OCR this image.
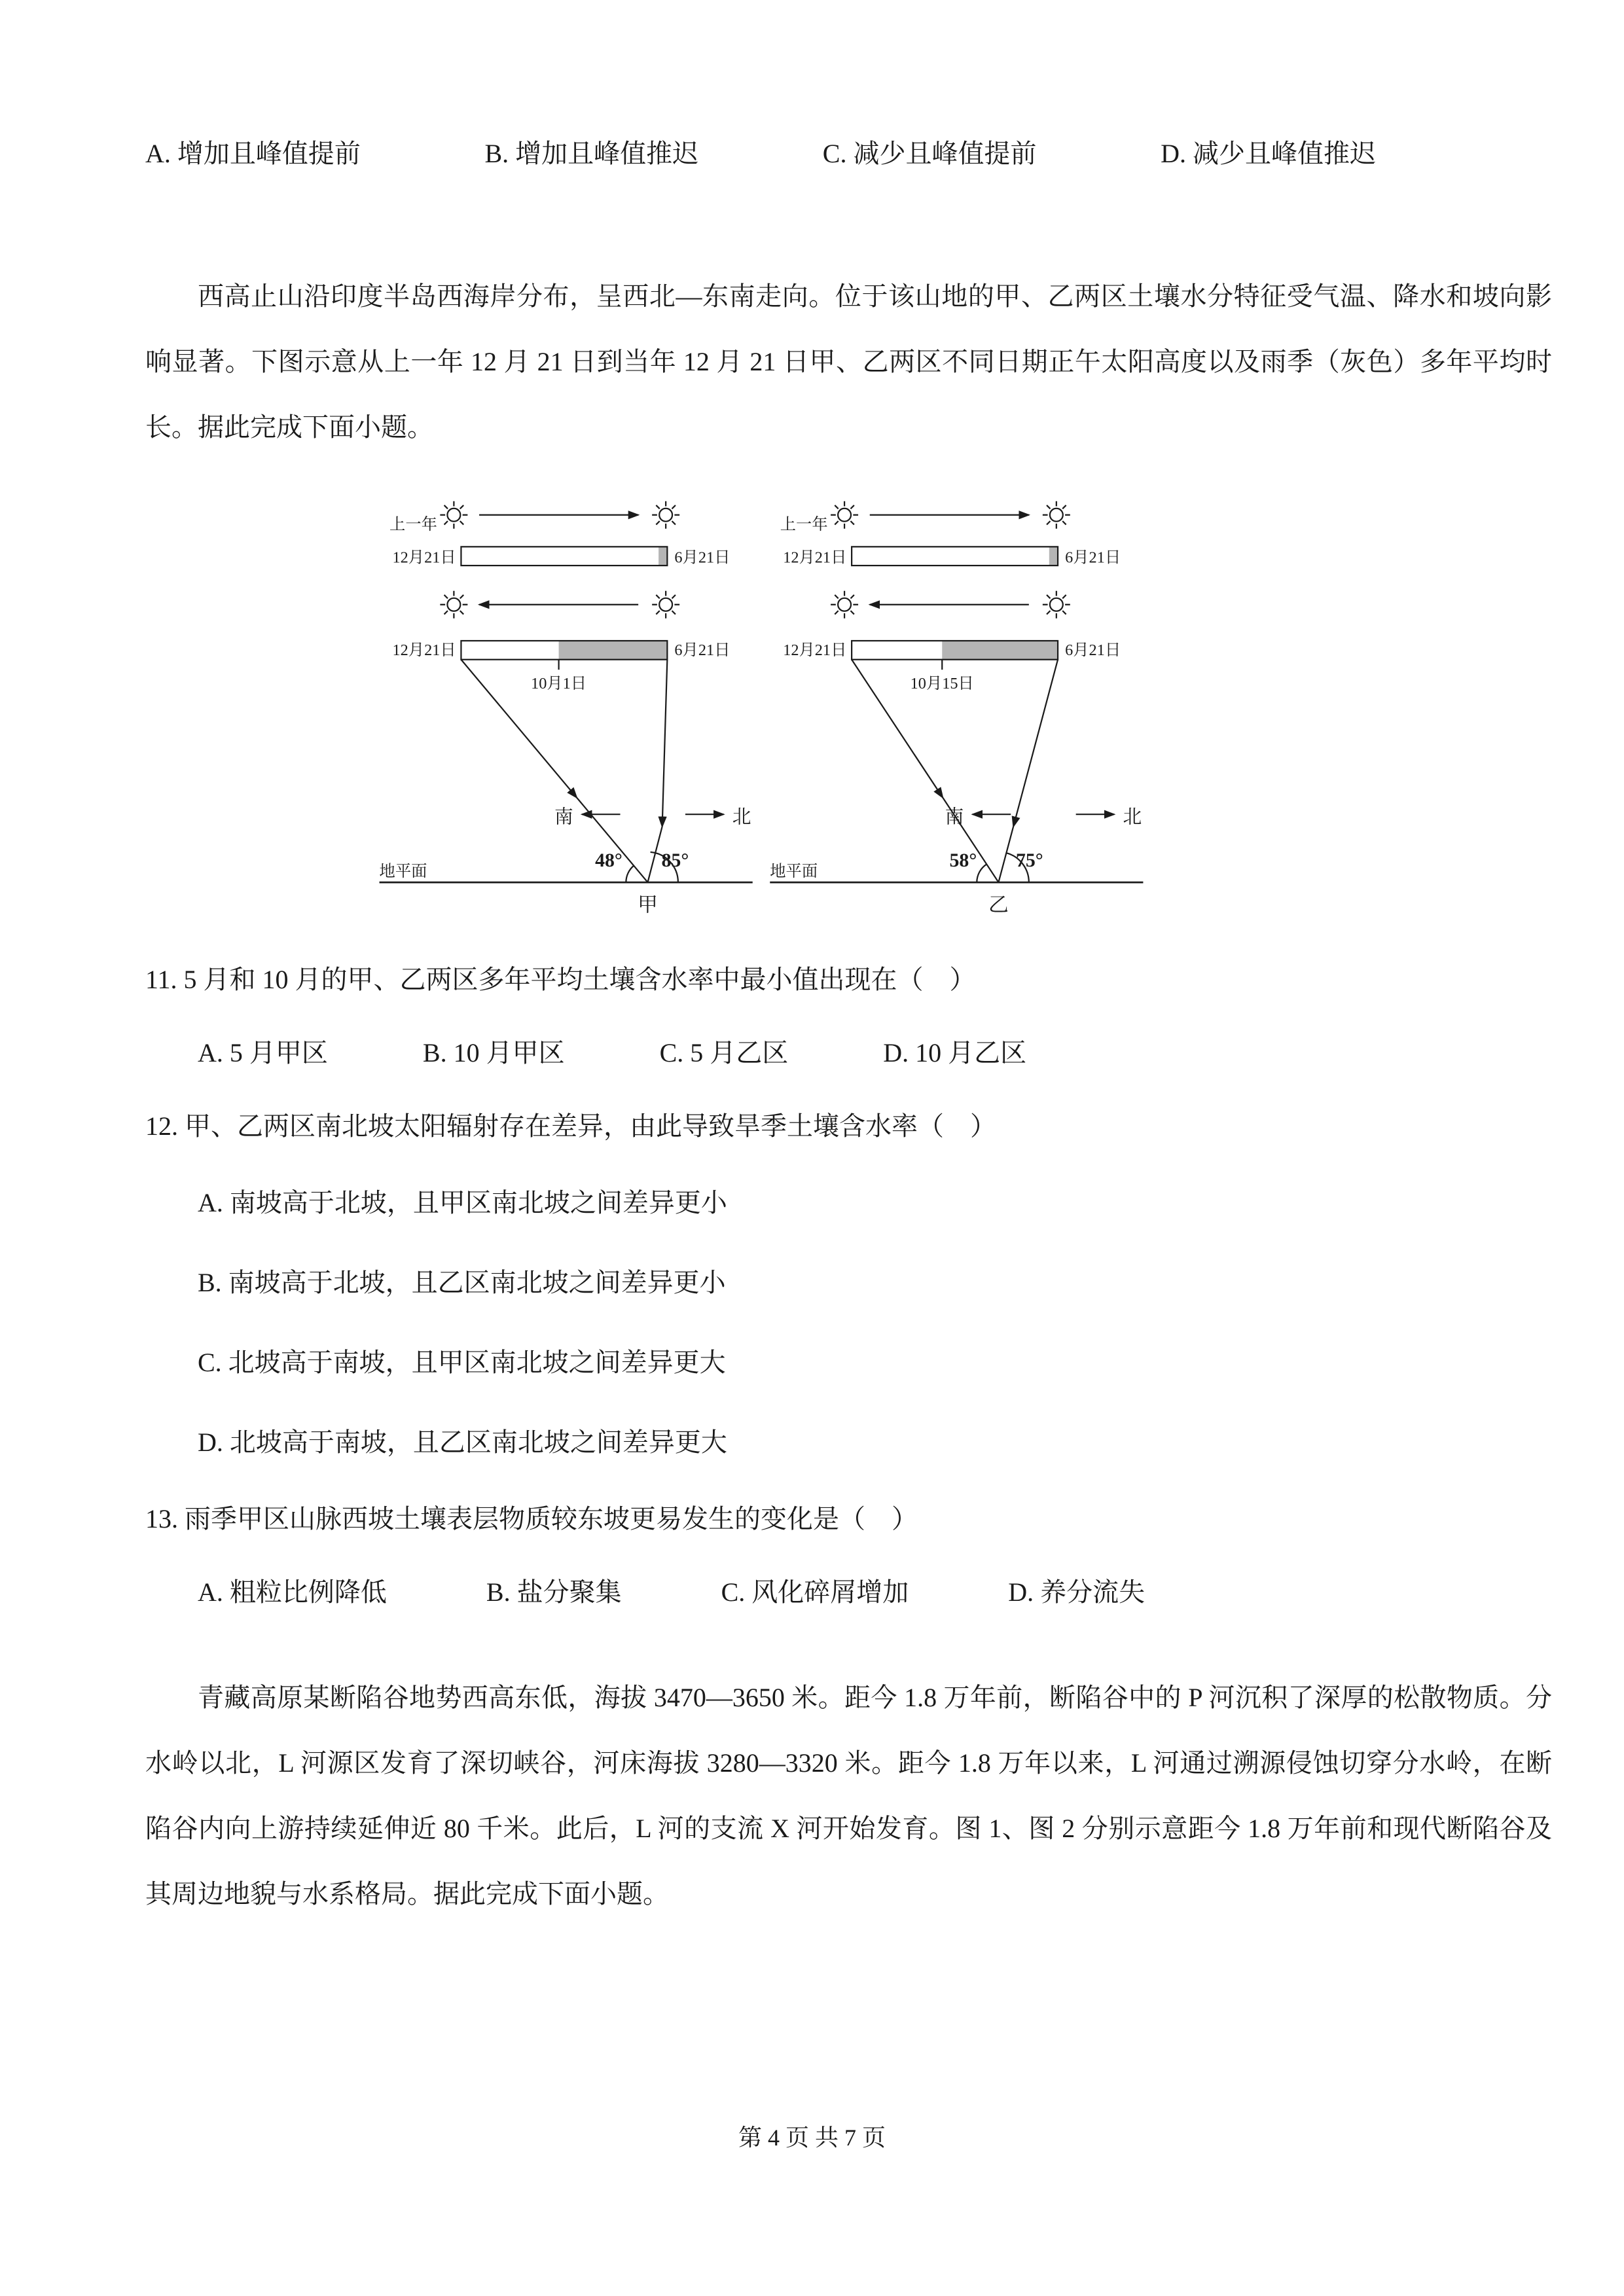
A. 增加且峰值提前	B. 增加且峰值推迟	C. 减少且峰值提前	D. 减少且峰值推迟

西高止山沿印度半岛西海岸分布，呈西北—东南走向。位于该山地的甲、乙两区土壤水分特征受气温、降水和坡向影响显著。下图示意从上一年 12 月 21 日到当年 12 月 21 日甲、乙两区不同日期正午太阳高度以及雨季（灰色）多年平均时长。据此完成下面小题。

上一年
12月21日	6月21日
12月21日	6月21日
10月1日
南	北
48° 85°
地平面
甲
上一年
12月21日	6月21日
12月21日	6月21日
10月15日
南	北
58° 75°
地平面
乙
11. 5 月和 10 月的甲、乙两区多年平均土壤含水率中最小值出现在（　）
A. 5 月甲区	B. 10 月甲区	C. 5 月乙区	D. 10 月乙区
12. 甲、乙两区南北坡太阳辐射存在差异，由此导致旱季土壤含水率（　）
A. 南坡高于北坡，且甲区南北坡之间差异更小
B. 南坡高于北坡，且乙区南北坡之间差异更小
C. 北坡高于南坡，且甲区南北坡之间差异更大
D. 北坡高于南坡，且乙区南北坡之间差异更大
13. 雨季甲区山脉西坡土壤表层物质较东坡更易发生的变化是（　）
A. 粗粒比例降低	B. 盐分聚集	C. 风化碎屑增加	D. 养分流失

青藏高原某断陷谷地势西高东低，海拔 3470—3650 米。距今 1.8 万年前，断陷谷中的 P 河沉积了深厚的松散物质。分水岭以北，L 河源区发育了深切峡谷，河床海拔 3280—3320 米。距今 1.8 万年以来，L 河通过溯源侵蚀切穿分水岭，在断陷谷内向上游持续延伸近 80 千米。此后，L 河的支流 X 河开始发育。图 1、图 2 分别示意距今 1.8 万年前和现代断陷谷及其周边地貌与水系格局。据此完成下面小题。

第 4 页 共 7 页
